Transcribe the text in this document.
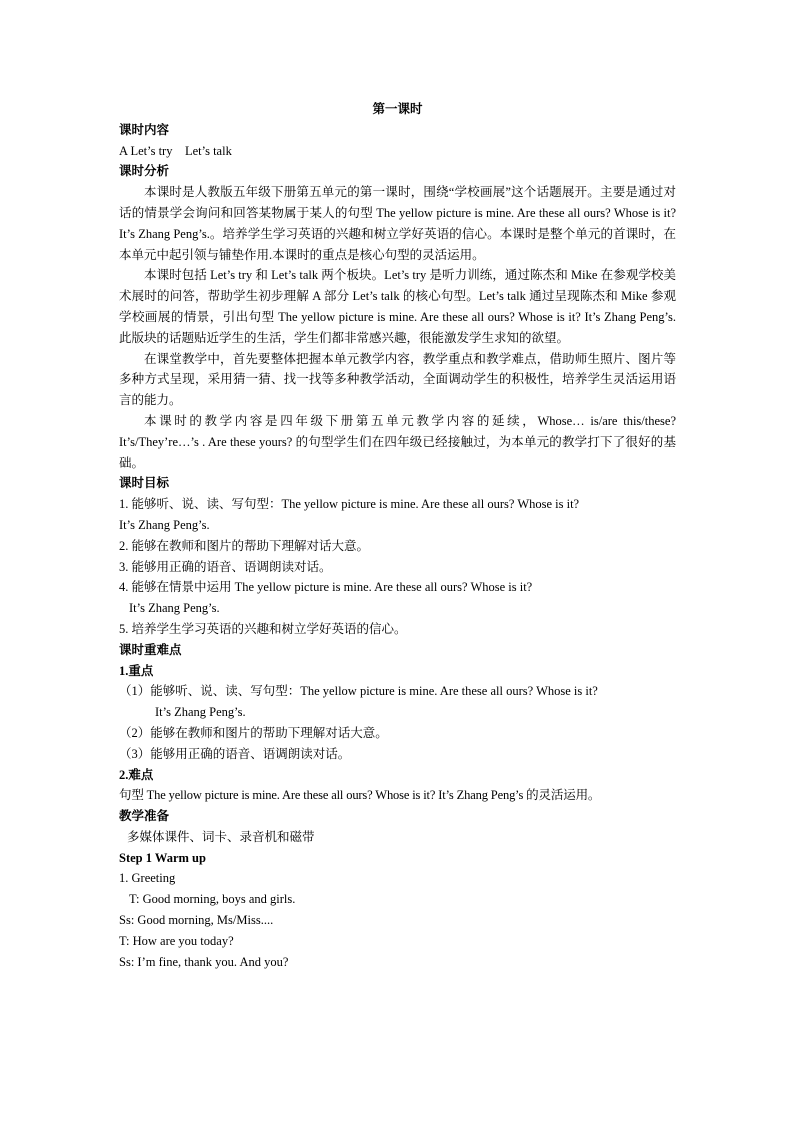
第一课时
课时内容
A Let’s try    Let’s talk
课时分析
本课时是人教版五年级下册第五单元的第一课时，围绕“学校画展”这个话题展开。主要是通过对话的情景学会询问和回答某物属于某人的句型 The yellow picture is mine. Are these all ours? Whose is it? It’s Zhang Peng’s.。培养学生学习英语的兴趣和树立学好英语的信心。本课时是整个单元的首课时，在本单元中起引领与铺垫作用.本课时的重点是核心句型的灵活运用。
本课时包括 Let’s try 和 Let’s talk 两个板块。Let’s try 是听力训练，通过陈杰和 Mike 在参观学校美术展时的问答，帮助学生初步理解 A 部分 Let’s talk 的核心句型。Let’s talk 通过呈现陈杰和 Mike 参观学校画展的情景，引出句型 The yellow picture is mine. Are these all ours? Whose is it? It’s Zhang Peng’s. 此版块的话题贴近学生的生活，学生们都非常感兴趣，很能激发学生求知的欲望。
在课堂教学中，首先要整体把握本单元教学内容，教学重点和教学难点，借助师生照片、图片等多种方式呈现，采用猜一猜、找一找等多种教学活动，全面调动学生的积极性，培养学生灵活运用语言的能力。
本课时的教学内容是四年级下册第五单元教学内容的延续，Whose… is/are this/these? It’s/They’re…’s . Are these yours? 的句型学生们在四年级已经接触过，为本单元的教学打下了很好的基础。
课时目标
1. 能够听、说、读、写句型：The yellow picture is mine. Are these all ours? Whose is it?
It’s Zhang Peng’s.
2. 能够在教师和图片的帮助下理解对话大意。
3. 能够用正确的语音、语调朗读对话。
4. 能够在情景中运用 The yellow picture is mine. Are these all ours? Whose is it?
It’s Zhang Peng’s.
5. 培养学生学习英语的兴趣和树立学好英语的信心。
课时重难点
1.重点
（1）能够听、说、读、写句型：The yellow picture is mine. Are these all ours? Whose is it?
It’s Zhang Peng’s.
（2）能够在教师和图片的帮助下理解对话大意。
（3）能够用正确的语音、语调朗读对话。
2.难点
句型 The yellow picture is mine. Are these all ours? Whose is it? It’s Zhang Peng’s 的灵活运用。
教学准备
多媒体课件、词卡、录音机和磁带
Step 1 Warm up
1. Greeting
T: Good morning, boys and girls.
Ss: Good morning, Ms/Miss....
T: How are you today?
Ss: I’m fine, thank you. And you?
